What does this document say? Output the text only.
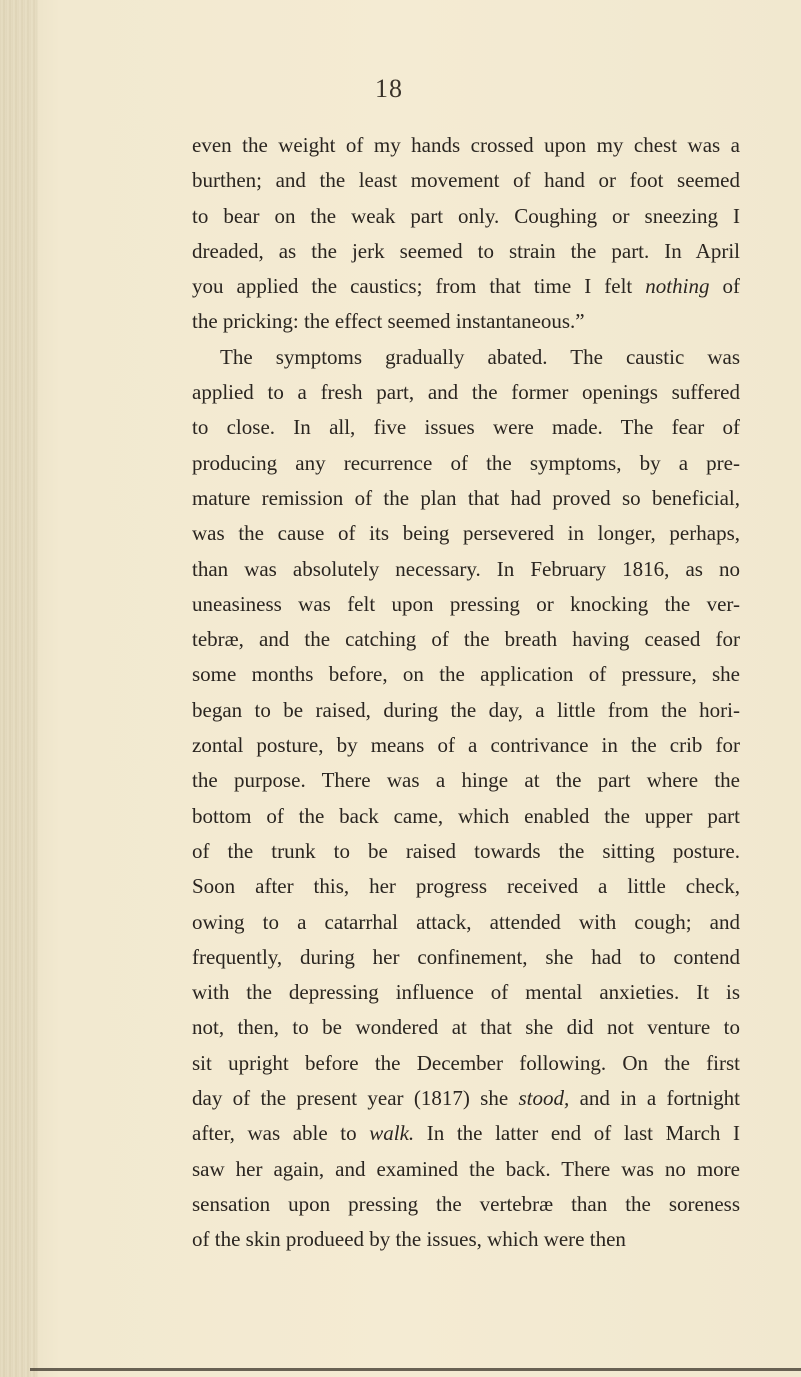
18
even the weight of my hands crossed upon my chest was a
burthen; and the least movement of hand or foot seemed
to bear on the weak part only. Coughing or sneezing I
dreaded, as the jerk seemed to strain the part. In April
you applied the caustics; from that time I felt nothing of
the pricking: the effect seemed instantaneous.”
The symptoms gradually abated. The caustic was
applied to a fresh part, and the former openings suffered
to close. In all, five issues were made. The fear of
producing any recurrence of the symptoms, by a pre-
mature remission of the plan that had proved so beneficial,
was the cause of its being persevered in longer, perhaps,
than was absolutely necessary. In February 1816, as no
uneasiness was felt upon pressing or knocking the ver-
tebræ, and the catching of the breath having ceased for
some months before, on the application of pressure, she
began to be raised, during the day, a little from the hori-
zontal posture, by means of a contrivance in the crib for
the purpose. There was a hinge at the part where the
bottom of the back came, which enabled the upper part
of the trunk to be raised towards the sitting posture.
Soon after this, her progress received a little check,
owing to a catarrhal attack, attended with cough; and
frequently, during her confinement, she had to contend
with the depressing influence of mental anxieties. It is
not, then, to be wondered at that she did not venture to
sit upright before the December following. On the first
day of the present year (1817) she stood, and in a fortnight
after, was able to walk. In the latter end of last March I
saw her again, and examined the back. There was no more
sensation upon pressing the vertebræ than the soreness
of the skin produeed by the issues, which were then
